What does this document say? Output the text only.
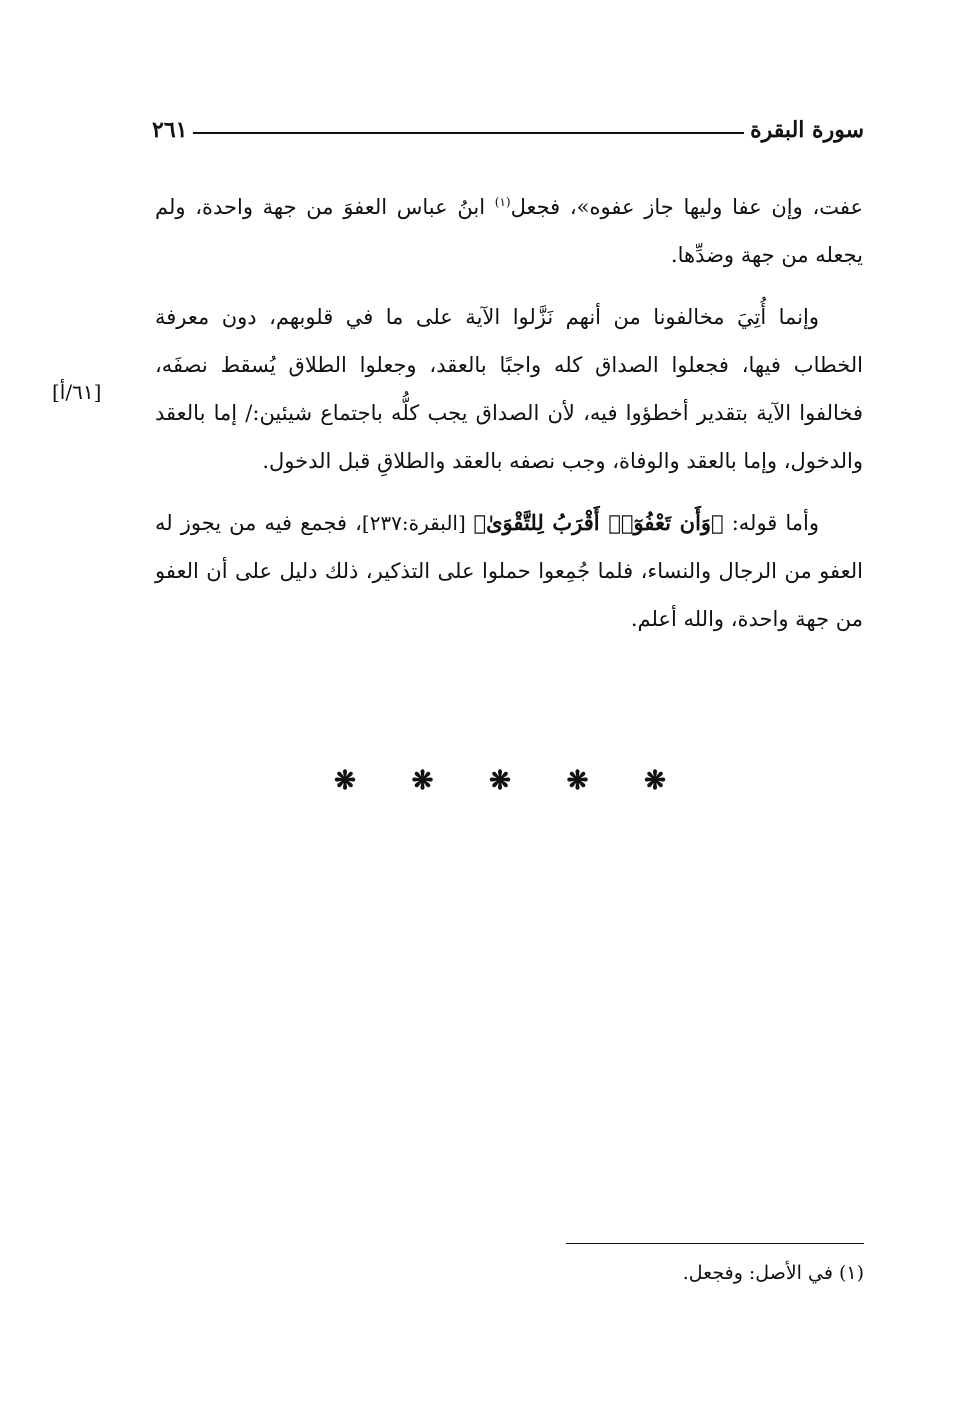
سورة البقرة
٢٦١

عفت، وإن عفا وليها جاز عفوه»، فجعل$^{(١)}$ ابنُ عباس العفوَ من جهة واحدة، ولم يجعله من جهة وضدِّها.

وإنما أُتِيَ مخالفونا من أنهم نَزَّلوا الآية على ما في قلوبهم، دون معرفة الخطاب فيها، فجعلوا الصداق كله واجبًا بالعقد، وجعلوا الطلاق يُسقط نصفَه، فخالفوا الآية بتقدير أخطؤوا فيه، لأن الصداق يجب كلُّه باجتماع شيئين:/ إما بالعقد والدخول، وإما بالعقد والوفاة، وجب نصفه بالعقد والطلاقِ قبل الدخول.

وأما قوله: ﴿وَأَن تَعْفُوٓا۟ أَقْرَبُ لِلتَّقْوَىٰ﴾ [البقرة:٢٣٧]، فجمع فيه من يجوز له العفو من الرجال والنساء، فلما جُمِعوا حملوا على التذكير، ذلك دليل على أن العفو من جهة واحدة، والله أعلم.

[٦١/أ]
❋ ❋ ❋ ❋ ❋
(١) في الأصل: وفجعل.
